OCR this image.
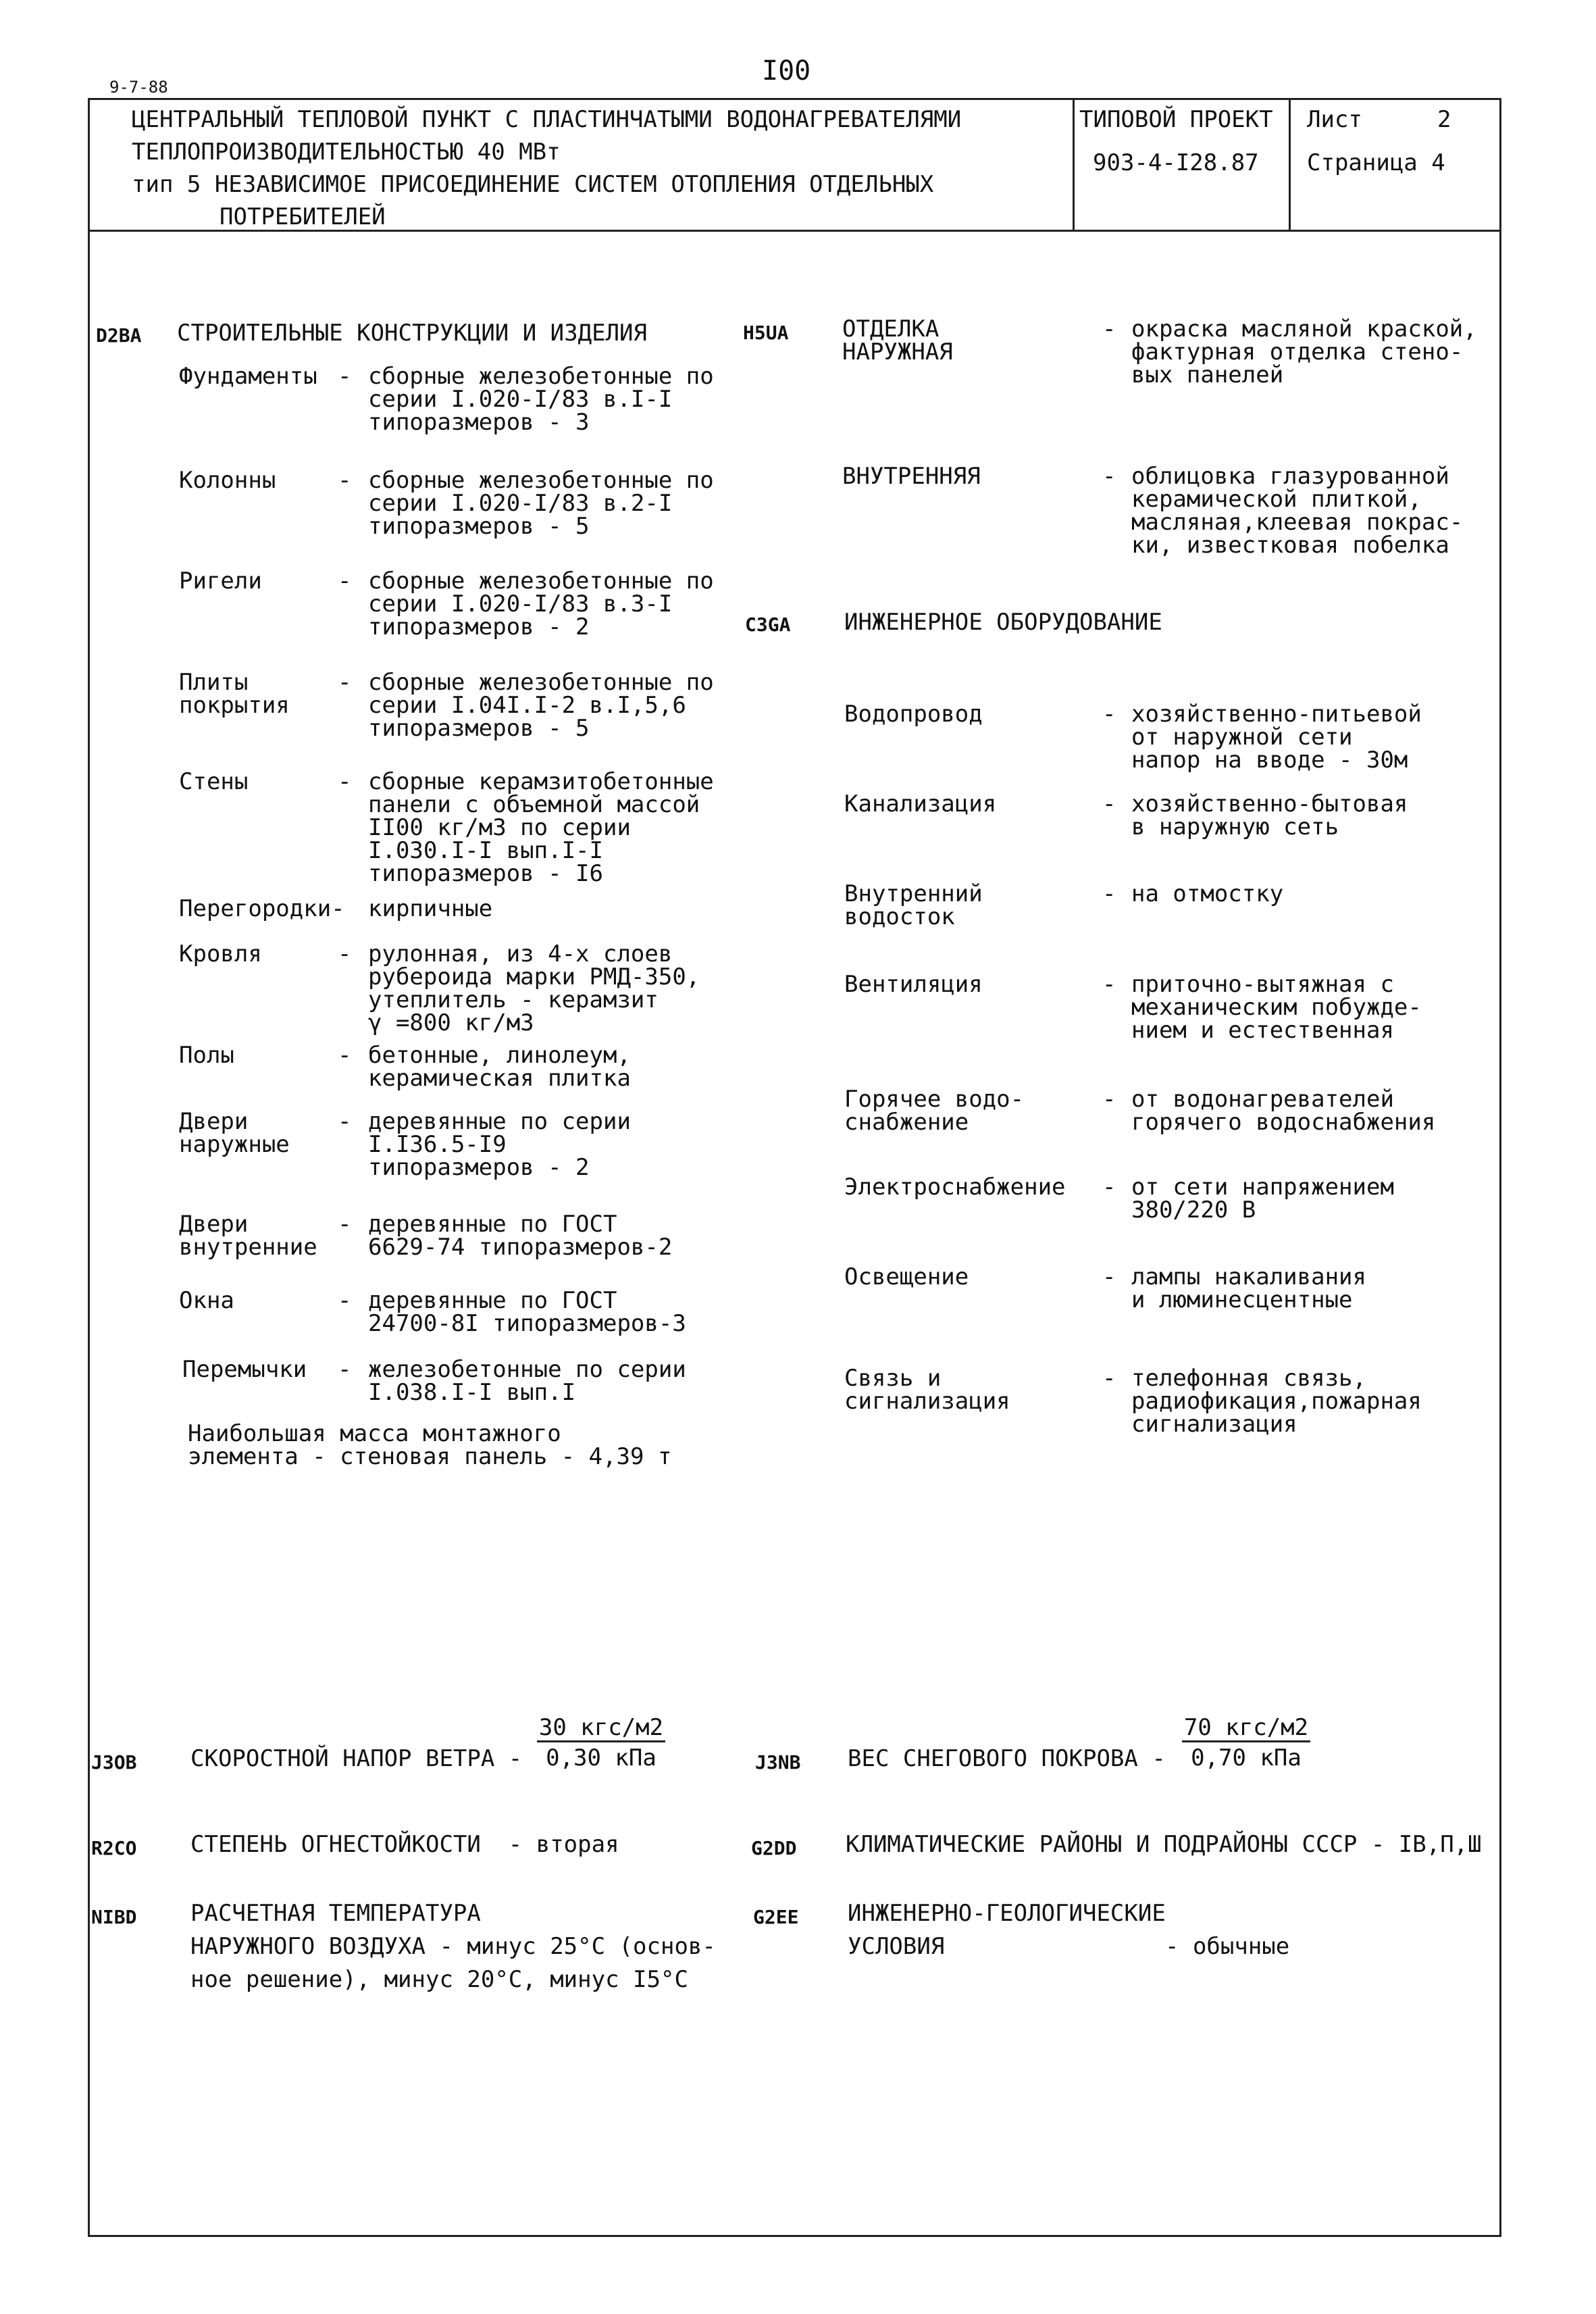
9-7-88
I00
ЦЕНТРАЛЬНЫЙ ТЕПЛОВОЙ ПУНКТ С ПЛАСТИНЧАТЫМИ ВОДОНАГРЕВАТЕЛЯМИ
ТЕПЛОПРОИЗВОДИТЕЛЬНОСТЬЮ 40 МВт
тип 5 НЕЗАВИСИМОЕ ПРИСОЕДИНЕНИЕ СИСТЕМ ОТОПЛЕНИЯ ОТДЕЛЬНЫХ
ПОТРЕБИТЕЛЕЙ
ТИПОВОЙ ПРОЕКТ
903-4-I28.87
Лист	2
Страница 4
D2BA СТРОИТЕЛЬНЫЕ КОНСТРУКЦИИ И ИЗДЕЛИЯ
Фундаменты - сборные железобетонные по
серии I.020-I/83 в.I-I
типоразмеров - 3
Колонны	- сборные железобетонные по
серии I.020-I/83 в.2-I
типоразмеров - 5
Ригели	- сборные железобетонные по
серии I.020-I/83 в.3-I
типоразмеров - 2
Плиты
покрытия
- сборные железобетонные по
серии I.04I.I-2 в.I,5,6
типоразмеров - 5
Стены	- сборные керамзитобетонные
панели с объемной массой
II00 кг/м3 по серии
I.030.I-I вып.I-I
типоразмеров - I6
Перегородки- кирпичные
Кровля	- рулонная, из 4-х слоев
рубероида марки РМД-350,
утеплитель - керамзит
γ =800 кг/м3
Полы	- бетонные, линолеум,
керамическая плитка
Двери
наружные
- деревянные по серии
I.I36.5-I9
типоразмеров - 2
Двери
внутренние
- деревянные по ГОСТ
6629-74 типоразмеров-2
Окна	- деревянные по ГОСТ
24700-8I типоразмеров-3
Перемычки - железобетонные по серии
I.038.I-I вып.I
Наибольшая масса монтажного
элемента - стеновая панель - 4,39 т
H5UA ОТДЕЛКА
НАРУЖНАЯ
- окраска масляной краской,
фактурная отделка стено-
вых панелей
ВНУТРЕННЯЯ	- облицовка глазурованной
керамической плиткой,
масляная,клеевая покрас-
ки, известковая побелка
C3GA ИНЖЕНЕРНОЕ ОБОРУДОВАНИЕ
Водопровод	- хозяйственно-питьевой
от наружной сети
напор на вводе - 30м
Канализация	- хозяйственно-бытовая
в наружную сеть
Внутренний
водосток
- на отмостку
Вентиляция	- приточно-вытяжная с
механическим побужде-
нием и естественная
Горячее водо-
снабжение
- от водонагревателей
горячего водоснабжения
Электроснабжение - от сети напряжением
380/220 В
Освещение	- лампы накаливания
и люминесцентные
Связь и
сигнализация
- телефонная связь,
радиофикация,пожарная
сигнализация
J3OB СКОРОСТНОЙ НАПОР ВЕТРА -
30 кгс/м2
0,30 кПа	J3NB ВЕС СНЕГОВОГО ПОКРОВА -
70 кгс/м2
0,70 кПа
R2CO СТЕПЕНЬ ОГНЕСТОЙКОСТИ  - вторая	G2DD КЛИМАТИЧЕСКИЕ РАЙОНЫ И ПОДРАЙОНЫ СССР - IВ,П,Ш
NIBD РАСЧЕТНАЯ ТЕМПЕРАТУРА
НАРУЖНОГО ВОЗДУХА - минус 25°С (основ-
ное решение), минус 20°С, минус I5°С
G2EE ИНЖЕНЕРНО-ГЕОЛОГИЧЕСКИЕ
УСЛОВИЯ	- обычные
